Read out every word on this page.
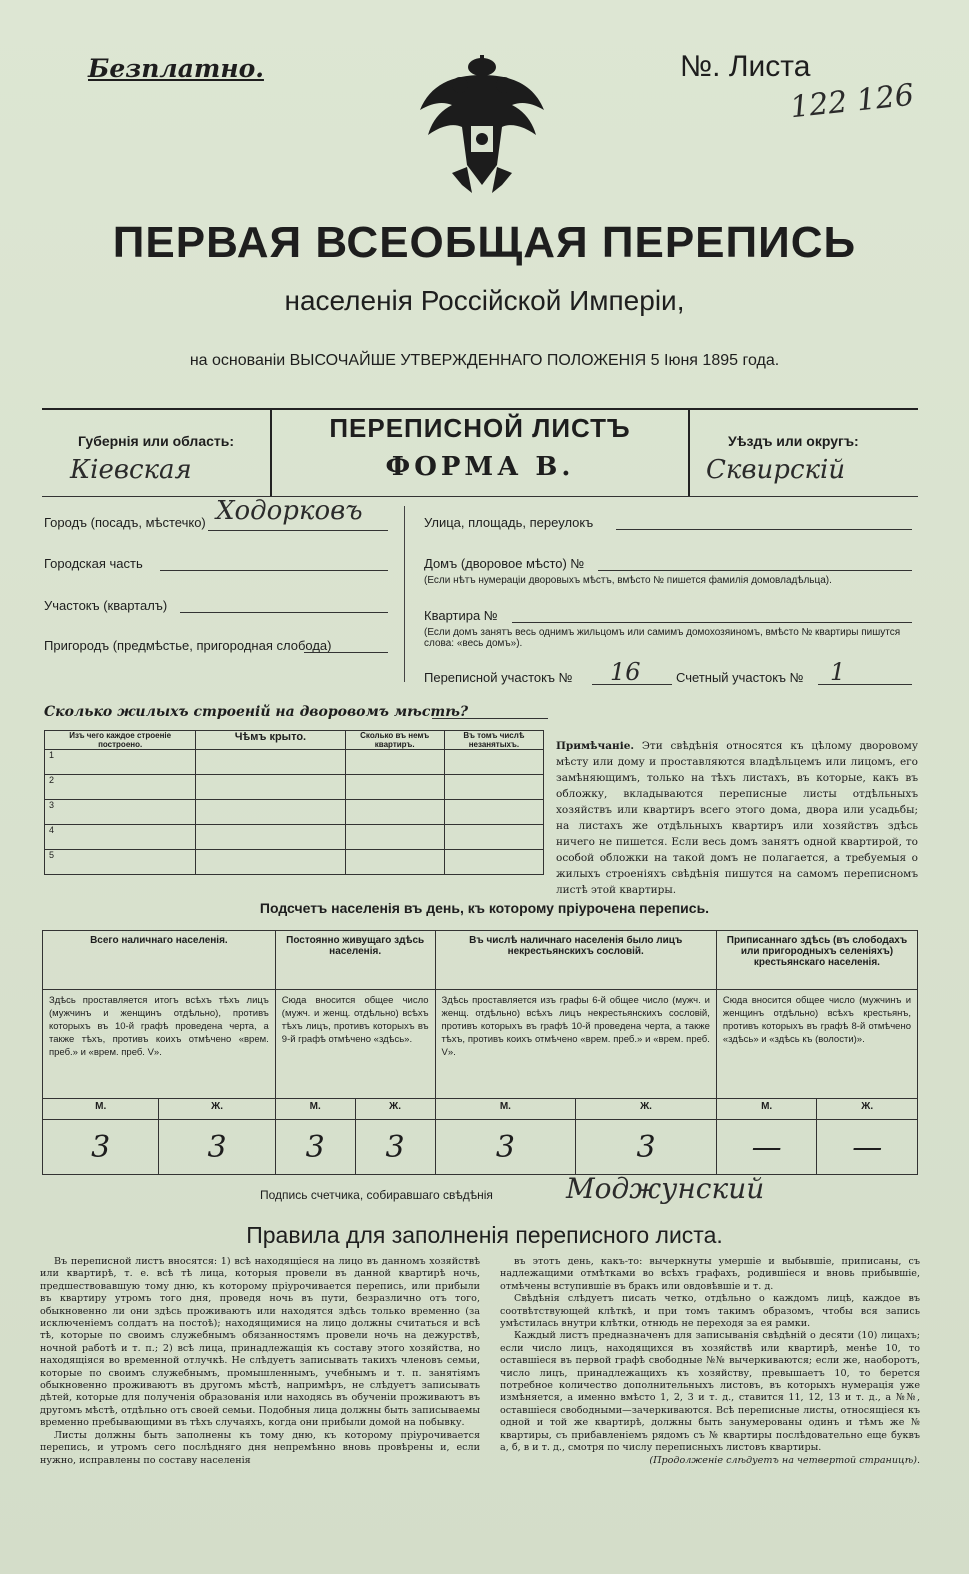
Безплатно.	№. Листа
122 126
ПЕРВАЯ ВСЕОБЩАЯ ПЕРЕПИСЬ
населенія Россійской Имперіи,
на основаніи ВЫСОЧАЙШЕ УТВЕРЖДЕННАГО ПОЛОЖЕНІЯ 5 Іюня 1895 года.
Губернія или область:
Кіевская
ПЕРЕПИСНОЙ ЛИСТЪ
ФОРМА В.
Уѣздъ или округъ:
Сквирскій
Городъ (посадъ, мѣстечко) Ходорковъ
Городская часть
Участокъ (кварталъ)
Пригородъ (предмѣстье, пригородная слобода)
Улица, площадь, переулокъ
Домъ (дворовое мѣсто) №
(Если нѣтъ нумераціи дворовыхъ мѣстъ, вмѣсто № пишется фамилія домовладѣльца).
Квартира №
(Если домъ занятъ весь однимъ жильцомъ или самимъ домохозяиномъ, вмѣсто № квартиры пишутся слова: «весь домъ»).
Переписной участокъ № 16	Счетный участокъ № 1
Сколько жилыхъ строеній на дворовомъ мѣстѣ?
Изъ чего каждое строеніе построено.	Чѣмъ крыто.	Сколько въ немъ квартиръ.	Въ томъ числѣ незанятыхъ.
1			
2			
3			
4			
5			
Примѣчаніе. Эти свѣдѣнія относятся къ цѣлому дворовому мѣсту или дому и проставляются владѣльцемъ или лицомъ, его замѣняющимъ, только на тѣхъ листахъ, въ которые, какъ въ обложку, вкладываются переписные листы отдѣльныхъ хозяйствъ или квартиръ всего этого дома, двора или усадьбы; на листахъ же отдѣльныхъ квартиръ или хозяйствъ здѣсь ничего не пишется. Если весь домъ занятъ одной квартирой, то особой обложки на такой домъ не полагается, а требуемыя о жилыхъ строеніяхъ свѣдѣнія пишутся на самомъ переписномъ листѣ этой квартиры.
Подсчетъ населенія въ день, къ которому пріурочена перепись.
Всего наличнаго населенія.		Постоянно живущаго здѣсь населенія.		Въ числѣ наличнаго населенія было лицъ некрестьянскихъ сословій.		Приписаннаго здѣсь (въ слободахъ или пригородныхъ селеніяхъ) крестьянскаго населенія.	
Здѣсь проставляется итогъ всѣхъ тѣхъ лицъ (мужчинъ и женщинъ отдѣльно), противъ которыхъ въ 10-й графѣ проведена черта, а также тѣхъ, противъ коихъ отмѣчено «врем. преб.» и «врем. преб. V».		Сюда вносится общее число (мужч. и женщ. отдѣльно) всѣхъ тѣхъ лицъ, противъ которыхъ въ 9-й графѣ отмѣчено «здѣсь».		Здѣсь проставляется изъ графы 6-й общее число (мужч. и женщ. отдѣльно) всѣхъ лицъ некрестьянскихъ сословій, противъ которыхъ въ графѣ 10-й проведена черта, а также тѣхъ, противъ коихъ отмѣчено «врем. преб.» и «врем. преб. V».		Сюда вносится общее число (мужчинъ и женщинъ отдѣльно) всѣхъ крестьянъ, противъ которыхъ въ графѣ 8-й отмѣчено «здѣсь» и «здѣсь къ (волости)».	
М.	Ж.	М.	Ж.	М.	Ж.	М.	Ж.
3	3	3	3	3	3	—	—
Подпись счетчика, собиравшаго свѣдѣнія	Моджунский
Правила для заполненія переписного листа.

Въ переписной листъ вносятся: 1) всѣ находящіеся на лицо въ данномъ хозяйствѣ или квартирѣ, т. е. всѣ тѣ лица, которыя провели въ данной квартирѣ ночь, предшествовавшую тому дню, къ которому пріурочивается перепись, или прибыли въ квартиру утромъ того дня, проведя ночь въ пути, безразлично отъ того, обыкновенно ли они здѣсь проживаютъ или находятся здѣсь только временно (за исключеніемъ солдатъ на постоѣ); находящимися на лицо должны считаться и всѣ тѣ, которые по своимъ служебнымъ обязанностямъ провели ночь на дежурствѣ, ночной работѣ и т. п.; 2) всѣ лица, принадлежащія къ составу этого хозяйства, но находящіяся во временной отлучкѣ. Не слѣдуетъ записывать такихъ членовъ семьи, которые по своимъ служебнымъ, промышленнымъ, учебнымъ и т. п. занятіямъ обыкновенно проживаютъ въ другомъ мѣстѣ, напримѣръ, не слѣдуетъ записывать дѣтей, которые для полученія образованія или находясь въ обученіи проживаютъ въ другомъ мѣстѣ, отдѣльно отъ своей семьи. Подобныя лица должны быть записываемы временно пребывающими въ тѣхъ случаяхъ, когда они прибыли домой на побывку.

Листы должны быть заполнены къ тому дню, къ которому пріурочивается перепись, и утромъ сего послѣдняго дня непремѣнно вновь провѣрены и, если нужно, исправлены по составу населенія

въ этотъ день, какъ-то: вычеркнуты умершіе и выбывшіе, приписаны, съ надлежащими отмѣтками во всѣхъ графахъ, родившіеся и вновь прибывшіе, отмѣчены вступившіе въ бракъ или овдовѣвшіе и т. д.

Свѣдѣнія слѣдуетъ писать четко, отдѣльно о каждомъ лицѣ, каждое въ соотвѣтствующей клѣткѣ, и при томъ такимъ образомъ, чтобы вся запись умѣстилась внутри клѣтки, отнюдь не переходя за ея рамки.

Каждый листъ предназначенъ для записыванія свѣдѣній о десяти (10) лицахъ; если число лицъ, находящихся въ хозяйствѣ или квартирѣ, менѣе 10, то оставшіеся въ первой графѣ свободные №№ вычеркиваются; если же, наоборотъ, число лицъ, принадлежащихъ къ хозяйству, превышаетъ 10, то берется потребное количество дополнительныхъ листовъ, въ которыхъ нумерація уже измѣняется, а именно вмѣсто 1, 2, 3 и т. д., ставится 11, 12, 13 и т. д., а №№, оставшіеся свободными—зачеркиваются. Всѣ переписные листы, относящіеся къ одной и той же квартирѣ, должны быть занумерованы одинъ и тѣмъ же № квартиры, съ прибавленіемъ рядомъ съ № квартиры послѣдовательно еще буквъ а, б, в и т. д., смотря по числу переписныхъ листовъ квартиры.

(Продолженіе слѣдуетъ на четвертой страницѣ).
